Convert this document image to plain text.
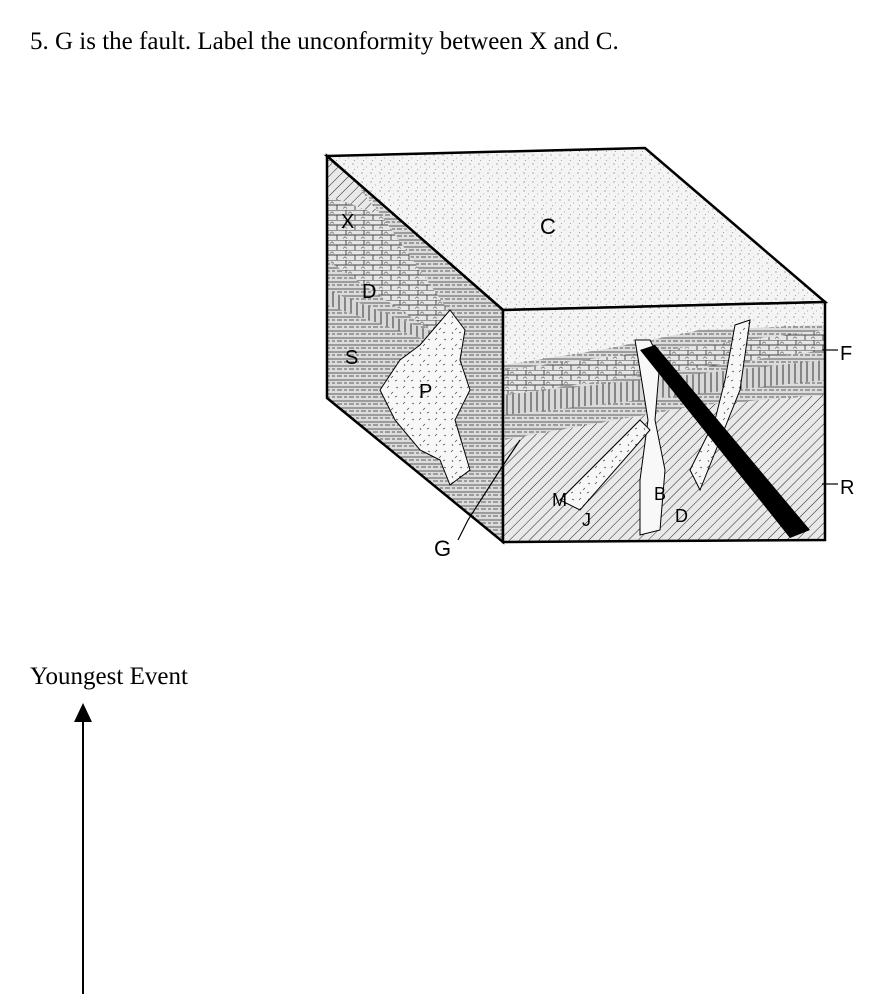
5. G is the fault. Label the unconformity between X and C.
C
X
D
S
P
F
R
G
M
J
B
D
Youngest Event
